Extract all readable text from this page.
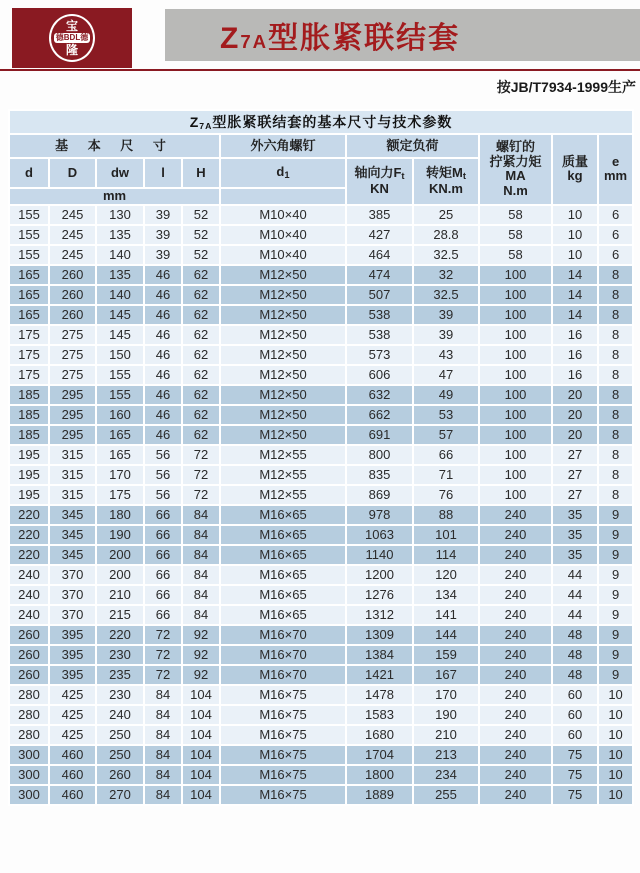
宝
德BDL德
隆	Z7A型胀紧联结套
按JB/T7934-1999生产
$Z_{7A}$型胀紧联结套的基本尺寸与技术参数										
基 本 尺 寸					外六角螺钉	额定负荷		螺钉的
拧紧力矩
MA
N.m	质量
kg	e
mm
d	D	dw	l	H	$d_1$	轴向力$F_t$
KN	转矩$M_t$
KN.m			
mm										
155	245	130	39	52	M10×40	385	25	58	10	6
155	245	135	39	52	M10×40	427	28.8	58	10	6
155	245	140	39	52	M10×40	464	32.5	58	10	6
165	260	135	46	62	M12×50	474	32	100	14	8
165	260	140	46	62	M12×50	507	32.5	100	14	8
165	260	145	46	62	M12×50	538	39	100	14	8
175	275	145	46	62	M12×50	538	39	100	16	8
175	275	150	46	62	M12×50	573	43	100	16	8
175	275	155	46	62	M12×50	606	47	100	16	8
185	295	155	46	62	M12×50	632	49	100	20	8
185	295	160	46	62	M12×50	662	53	100	20	8
185	295	165	46	62	M12×50	691	57	100	20	8
195	315	165	56	72	M12×55	800	66	100	27	8
195	315	170	56	72	M12×55	835	71	100	27	8
195	315	175	56	72	M12×55	869	76	100	27	8
220	345	180	66	84	M16×65	978	88	240	35	9
220	345	190	66	84	M16×65	1063	101	240	35	9
220	345	200	66	84	M16×65	1140	114	240	35	9
240	370	200	66	84	M16×65	1200	120	240	44	9
240	370	210	66	84	M16×65	1276	134	240	44	9
240	370	215	66	84	M16×65	1312	141	240	44	9
260	395	220	72	92	M16×70	1309	144	240	48	9
260	395	230	72	92	M16×70	1384	159	240	48	9
260	395	235	72	92	M16×70	1421	167	240	48	9
280	425	230	84	104	M16×75	1478	170	240	60	10
280	425	240	84	104	M16×75	1583	190	240	60	10
280	425	250	84	104	M16×75	1680	210	240	60	10
300	460	250	84	104	M16×75	1704	213	240	75	10
300	460	260	84	104	M16×75	1800	234	240	75	10
300	460	270	84	104	M16×75	1889	255	240	75	10
